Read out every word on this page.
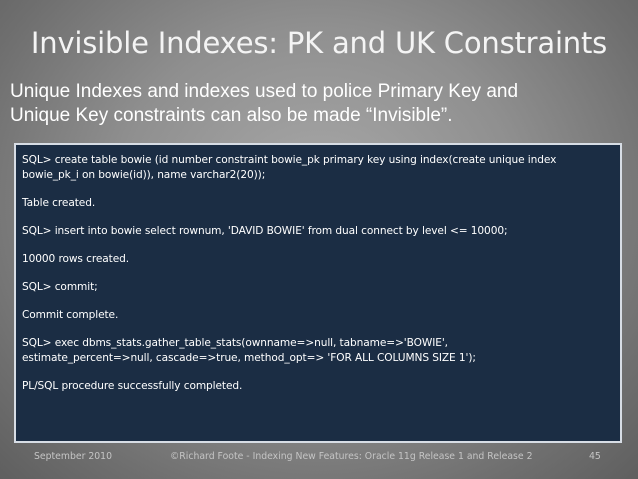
Invisible Indexes: PK and UK Constraints
Unique Indexes and indexes used to police Primary Key and
Unique Key constraints can also be made “Invisible”.
SQL> create table bowie (id number constraint bowie_pk primary key using index(create unique index
bowie_pk_i on bowie(id)), name varchar2(20));
Table created.
SQL> insert into bowie select rownum, 'DAVID BOWIE' from dual connect by level <= 10000;
10000 rows created.
SQL> commit;
Commit complete.
SQL> exec dbms_stats.gather_table_stats(ownname=>null, tabname=>'BOWIE',
estimate_percent=>null, cascade=>true, method_opt=> 'FOR ALL COLUMNS SIZE 1');
PL/SQL procedure successfully completed.
September 2010	©Richard Foote - Indexing New Features: Oracle 11g Release 1 and Release 2	45
